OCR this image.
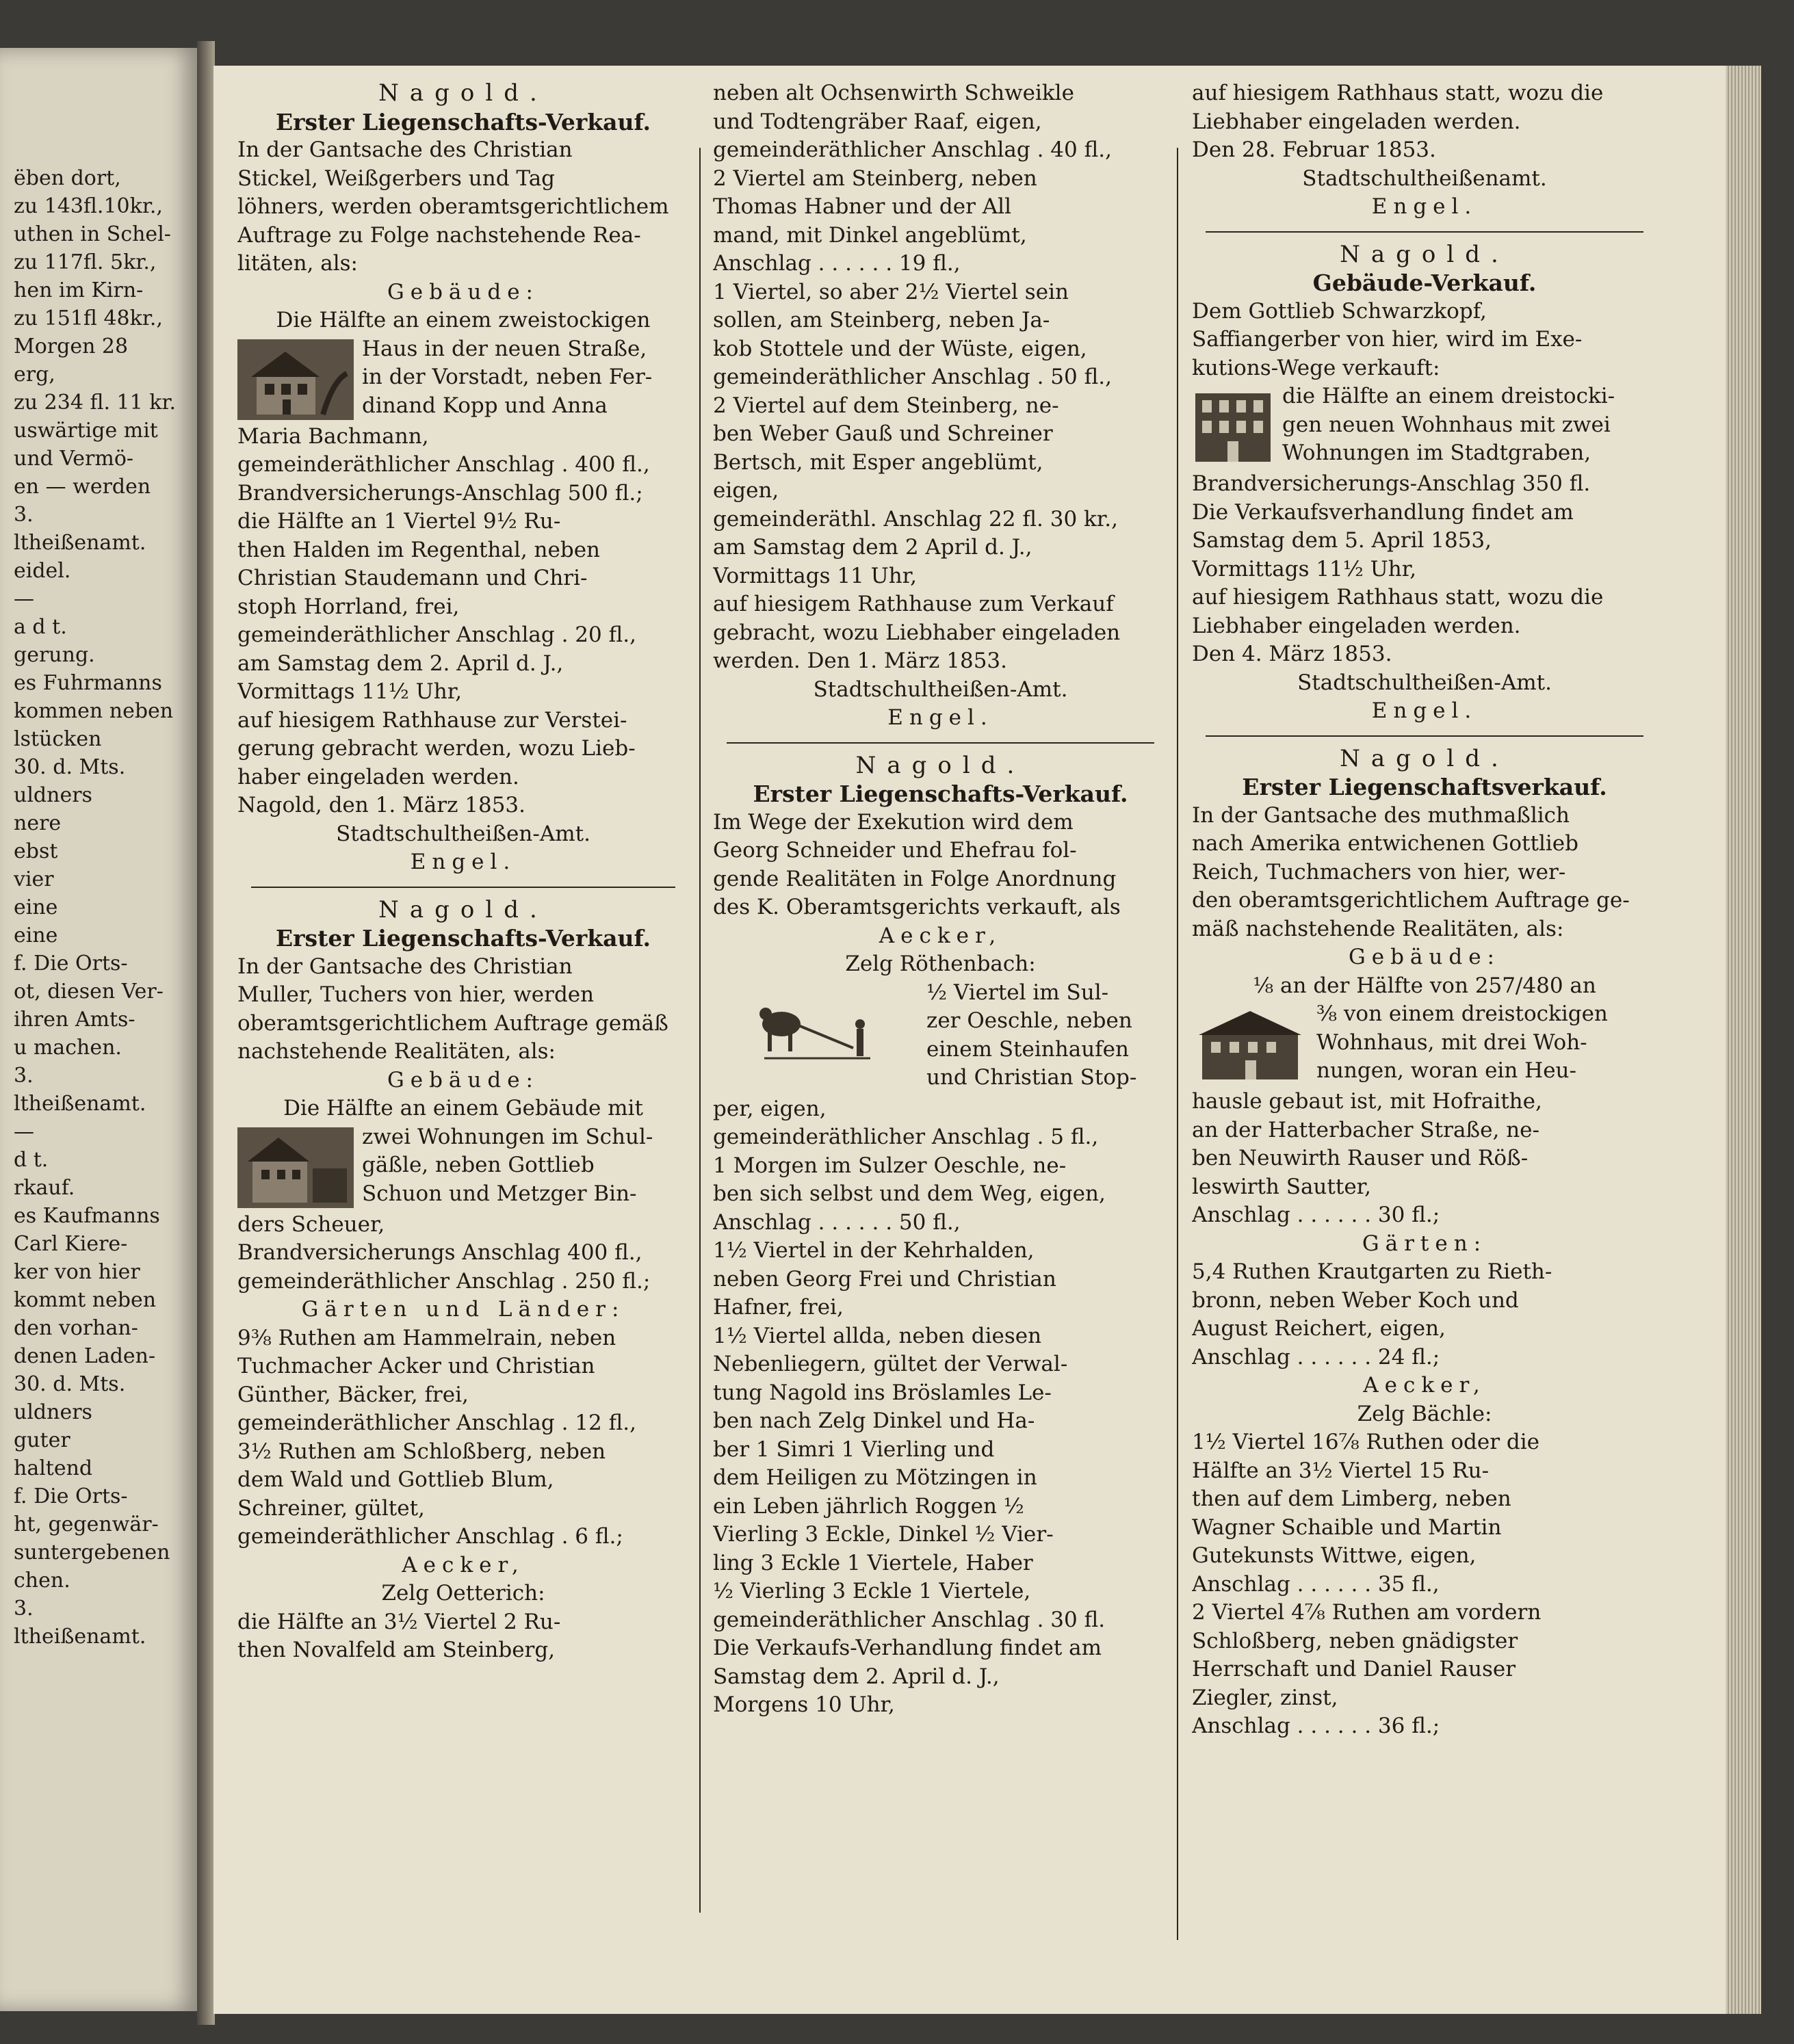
ëben dort,

zu 143fl.10kr.,

uthen in Schel-

zu 117fl. 5kr.,

hen im Kirn-

zu 151fl 48kr.,

Morgen 28

erg,

zu 234 fl. 11 kr.

uswärtige mit

und Vermö-

en — werden

3.

ltheißenamt.

eidel.

—

a d t.

gerung.

es Fuhrmanns

kommen neben

lstücken

30. d. Mts.

uldners

nere

ebst

vier

eine

eine

f. Die Orts-

ot, diesen Ver-

ihren Amts-

u machen.

3.

ltheißenamt.

—

d t.

rkauf.

es Kaufmanns

Carl Kiere-

ker von hier

kommt neben

den vorhan-

denen Laden-

30. d. Mts.

uldners

guter

haltend

f. Die Orts-

ht, gegenwär-

suntergebenen

chen.

3.

ltheißenamt.

Nagold.

Erster Liegenschafts-Verkauf.

In der Gantsache des Christian

Stickel, Weißgerbers und Tag

löhners, werden oberamtsgerichtlichem

Auftrage zu Folge nachstehende Rea-

litäten, als:

Gebäude:

Die Hälfte an einem zweistockigen

Haus in der neuen Straße,

in der Vorstadt, neben Fer-

dinand Kopp und Anna

Maria Bachmann,

gemeinderäthlicher Anschlag . 400 fl.,

Brandversicherungs-Anschlag 500 fl.;

die Hälfte an 1 Viertel 9½ Ru-

then Halden im Regenthal, neben

Christian Staudemann und Chri-

stoph Horrland, frei,

gemeinderäthlicher Anschlag . 20 fl.,

am Samstag dem 2. April d. J.,

Vormittags 11½ Uhr,

auf hiesigem Rathhause zur Verstei-

gerung gebracht werden, wozu Lieb-

haber eingeladen werden.

Nagold, den 1. März 1853.

Stadtschultheißen-Amt.

Engel.

Nagold.

Erster Liegenschafts-Verkauf.

In der Gantsache des Christian

Muller, Tuchers von hier, werden

oberamtsgerichtlichem Auftrage gemäß

nachstehende Realitäten, als:

Gebäude:

Die Hälfte an einem Gebäude mit

zwei Wohnungen im Schul-

gäßle, neben Gottlieb

Schuon und Metzger Bin-

ders Scheuer,

Brandversicherungs Anschlag 400 fl.,

gemeinderäthlicher Anschlag . 250 fl.;

Gärten und Länder:

9⅜ Ruthen am Hammelrain, neben

Tuchmacher Acker und Christian

Günther, Bäcker, frei,

gemeinderäthlicher Anschlag . 12 fl.,

3½ Ruthen am Schloßberg, neben

dem Wald und Gottlieb Blum,

Schreiner, gültet,

gemeinderäthlicher Anschlag . 6 fl.;

Aecker,

Zelg Oetterich:

die Hälfte an 3½ Viertel 2 Ru-

then Novalfeld am Steinberg,

neben alt Ochsenwirth Schweikle

und Todtengräber Raaf, eigen,

gemeinderäthlicher Anschlag . 40 fl.,

2 Viertel am Steinberg, neben

Thomas Habner und der All

mand, mit Dinkel angeblümt,

Anschlag . . . . . . 19 fl.,

1 Viertel, so aber 2½ Viertel sein

sollen, am Steinberg, neben Ja-

kob Stottele und der Wüste, eigen,

gemeinderäthlicher Anschlag . 50 fl.,

2 Viertel auf dem Steinberg, ne-

ben Weber Gauß und Schreiner

Bertsch, mit Esper angeblümt,

eigen,

gemeinderäthl. Anschlag 22 fl. 30 kr.,

am Samstag dem 2 April d. J.,

Vormittags 11 Uhr,

auf hiesigem Rathhause zum Verkauf

gebracht, wozu Liebhaber eingeladen

werden. Den 1. März 1853.

Stadtschultheißen-Amt.

Engel.

Nagold.

Erster Liegenschafts-Verkauf.

Im Wege der Exekution wird dem

Georg Schneider und Ehefrau fol-

gende Realitäten in Folge Anordnung

des K. Oberamtsgerichts verkauft, als

Aecker,

Zelg Röthenbach:

½ Viertel im Sul-

zer Oeschle, neben

einem Steinhaufen

und Christian Stop-

per, eigen,

gemeinderäthlicher Anschlag . 5 fl.,

1 Morgen im Sulzer Oeschle, ne-

ben sich selbst und dem Weg, eigen,

Anschlag . . . . . . 50 fl.,

1½ Viertel in der Kehrhalden,

neben Georg Frei und Christian

Hafner, frei,

1½ Viertel allda, neben diesen

Nebenliegern, gültet der Verwal-

tung Nagold ins Bröslamles Le-

ben nach Zelg Dinkel und Ha-

ber 1 Simri 1 Vierling und

dem Heiligen zu Mötzingen in

ein Leben jährlich Roggen ½

Vierling 3 Eckle, Dinkel ½ Vier-

ling 3 Eckle 1 Viertele, Haber

½ Vierling 3 Eckle 1 Viertele,

gemeinderäthlicher Anschlag . 30 fl.

Die Verkaufs-Verhandlung findet am

Samstag dem 2. April d. J.,

Morgens 10 Uhr,

auf hiesigem Rathhaus statt, wozu die

Liebhaber eingeladen werden.

Den 28. Februar 1853.

Stadtschultheißenamt.

Engel.

Nagold.

Gebäude-Verkauf.

Dem Gottlieb Schwarzkopf,

Saffiangerber von hier, wird im Exe-

kutions-Wege verkauft:

die Hälfte an einem dreistocki-

gen neuen Wohnhaus mit zwei

Wohnungen im Stadtgraben,

Brandversicherungs-Anschlag 350 fl.

Die Verkaufsverhandlung findet am

Samstag dem 5. April 1853,

Vormittags 11½ Uhr,

auf hiesigem Rathhaus statt, wozu die

Liebhaber eingeladen werden.

Den 4. März 1853.

Stadtschultheißen-Amt.

Engel.

Nagold.

Erster Liegenschaftsverkauf.

In der Gantsache des muthmaßlich

nach Amerika entwichenen Gottlieb

Reich, Tuchmachers von hier, wer-

den oberamtsgerichtlichem Auftrage ge-

mäß nachstehende Realitäten, als:

Gebäude:

⅛ an der Hälfte von 257/480 an

⅜ von einem dreistockigen

Wohnhaus, mit drei Woh-

nungen, woran ein Heu-

hausle gebaut ist, mit Hofraithe,

an der Hatterbacher Straße, ne-

ben Neuwirth Rauser und Röß-

leswirth Sautter,

Anschlag . . . . . . 30 fl.;

Gärten:

5,4 Ruthen Krautgarten zu Rieth-

bronn, neben Weber Koch und

August Reichert, eigen,

Anschlag . . . . . . 24 fl.;

Aecker,

Zelg Bächle:

1½ Viertel 16⅞ Ruthen oder die

Hälfte an 3½ Viertel 15 Ru-

then auf dem Limberg, neben

Wagner Schaible und Martin

Gutekunsts Wittwe, eigen,

Anschlag . . . . . . 35 fl.,

2 Viertel 4⅞ Ruthen am vordern

Schloßberg, neben gnädigster

Herrschaft und Daniel Rauser

Ziegler, zinst,

Anschlag . . . . . . 36 fl.;
